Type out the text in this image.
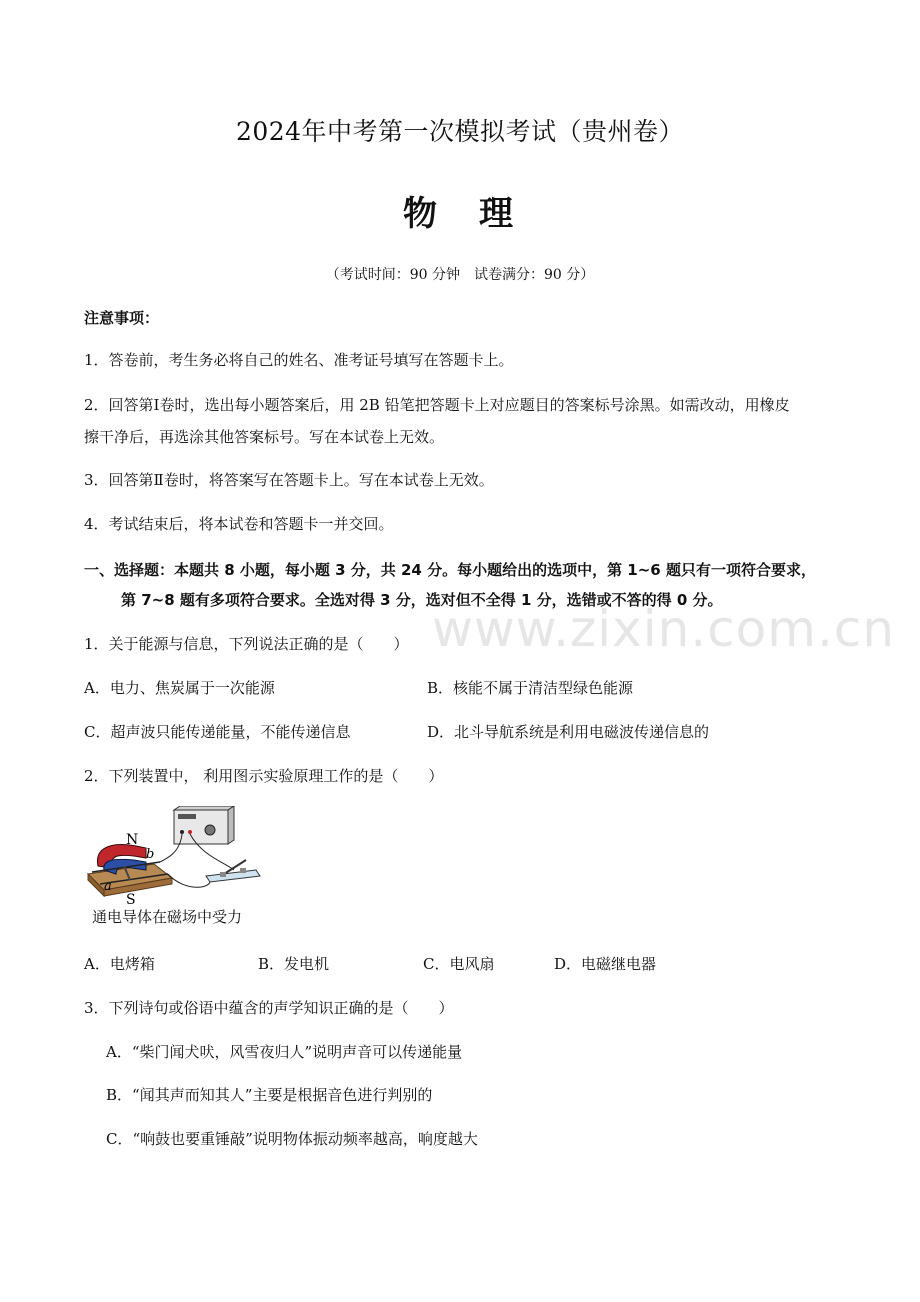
www.zixin.com.cn
2024年中考第一次模拟考试（贵州卷）
物　理
（考试时间：90 分钟　试卷满分：90 分）
注意事项：
1．答卷前，考生务必将自己的姓名、准考证号填写在答题卡上。
2．回答第Ⅰ卷时，选出每小题答案后，用 2B 铅笔把答题卡上对应题目的答案标号涂黑。如需改动，用橡皮
擦干净后，再选涂其他答案标号。写在本试卷上无效。
3．回答第Ⅱ卷时，将答案写在答题卡上。写在本试卷上无效。
4．考试结束后，将本试卷和答题卡一并交回。
一、选择题：本题共 8 小题，每小题 3 分，共 24 分。每小题给出的选项中，第 1~6 题只有一项符合要求，
第 7~8 题有多项符合要求。全选对得 3 分，选对但不全得 1 分，选错或不答的得 0 分。
1．关于能源与信息，下列说法正确的是（　　）
A．电力、焦炭属于一次能源	B．核能不属于清洁型绿色能源
C．超声波只能传递能量，不能传递信息	D．北斗导航系统是利用电磁波传递信息的
2．下列装置中， 利用图示实验原理工作的是（　　）
N
b
a
S
通电导体在磁场中受力
A．电烤箱	B．发电机	C．电风扇	D．电磁继电器
3．下列诗句或俗语中蕴含的声学知识正确的是（　　）
A．“柴门闻犬吠，风雪夜归人”说明声音可以传递能量
B．“闻其声而知其人”主要是根据音色进行判别的
C．“响鼓也要重锤敲”说明物体振动频率越高，响度越大
